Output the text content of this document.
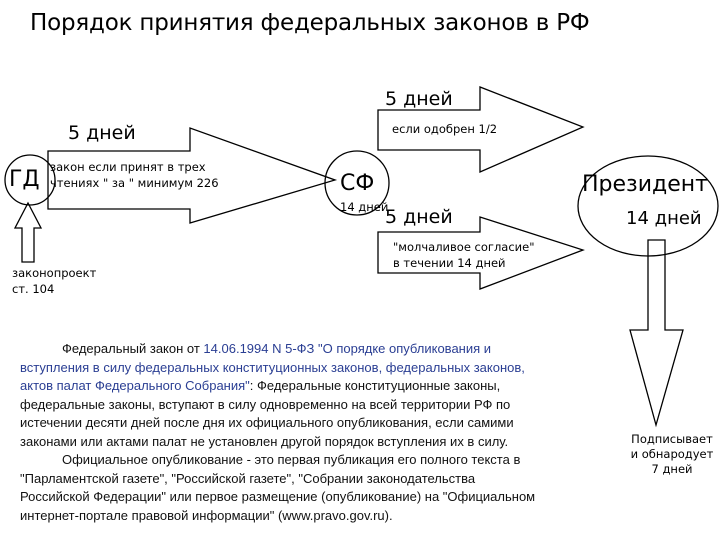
Порядок принятия федеральных законов в РФ
ГД	СФ	Президент
5 дней
закон если принят в трех
чтениях " за " минимум 226
14 дней
5 дней
если одобрен 1/2
5 дней
"молчаливое согласие"
в течении 14 дней
14 дней
законопроект
ст. 104
Подписывает
и обнародует
7 дней
Федеральный закон от 14.06.1994 N 5-ФЗ "О порядке опубликования и
вступления в силу федеральных конституционных законов, федеральных законов,
актов палат Федерального Собрания": Федеральные конституционные законы,
федеральные законы, вступают в силу одновременно на всей территории РФ по
истечении десяти дней после дня их официального опубликования, если самими
законами или актами палат не установлен другой порядок вступления их в силу.
Официальное опубликование - это первая публикация его полного текста в
"Парламентской газете", "Российской газете", "Собрании законодательства
Российской Федерации" или первое размещение (опубликование) на "Официальном
интернет-портале правовой информации" (www.pravo.gov.ru).
